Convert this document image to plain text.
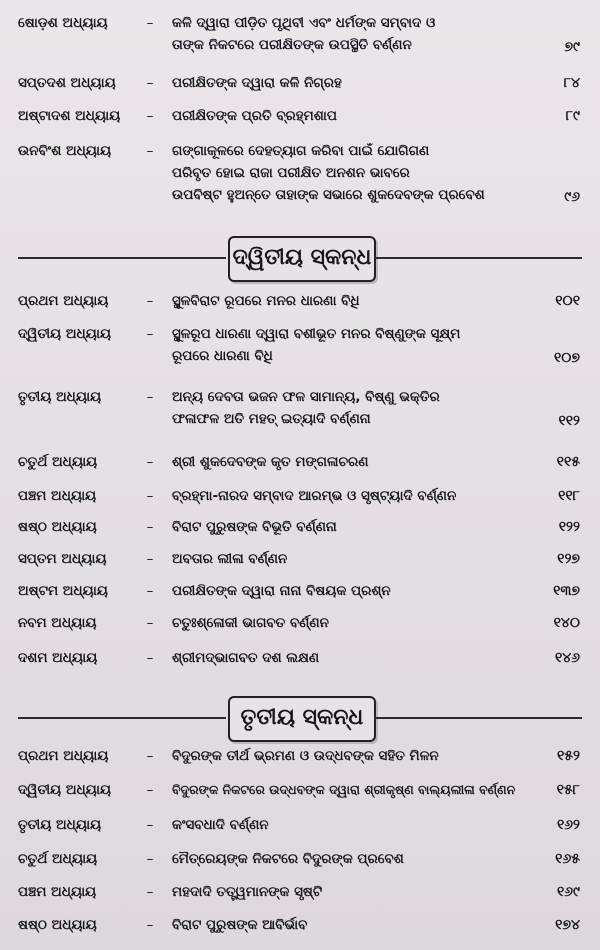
ଷୋଡ଼ଶ ଅଧ୍ୟାୟ	–	କଳି ଦ୍ୱାରା ପୀଡ଼ିତ ପୃଥିବୀ ଏବଂ ଧର୍ମଙ୍କ ସମ୍ବାଦ ଓ
ତାଙ୍କ ନିକଟରେ ପରୀକ୍ଷିତଙ୍କ ଉପସ୍ଥିତି ବର୍ଣ୍ଣନ	୭୯
ସପ୍ତଦଶ ଅଧ୍ୟାୟ	–	ପରୀକ୍ଷିତଙ୍କ ଦ୍ୱାରା କଳି ନିଗ୍ରହ	୮୪
ଅଷ୍ଟାଦଶ ଅଧ୍ୟାୟ	–	ପରୀକ୍ଷିତଙ୍କ ପ୍ରତି ବ୍ରହ୍ମଶାପ	୮୯
ଉନବିଂଶ ଅଧ୍ୟାୟ	–	ଗଙ୍ଗାକୂଳରେ ଦେହତ୍ୟାଗ କରିବା ପାଇଁ ଯୋଗିଗଣ
ପରିବୃତ ହୋଇ ରାଜା ପରୀକ୍ଷିତ ଅନଶନ ଭାବରେ
ଉପବିଷ୍ଟ ହୁଅନ୍ତେ ତାହାଙ୍କ ସଭାରେ ଶୁକଦେବଙ୍କ ପ୍ରବେଶ	୯୬
ଦ୍ୱିତୀୟ ସ୍କନ୍ଧ
ପ୍ରଥମ ଅଧ୍ୟାୟ	–	ସ୍ଥୂଳବିରାଟ ରୂପରେ ମନର ଧାରଣା ବିଧି	୧୦୧
ଦ୍ୱିତୀୟ ଅଧ୍ୟାୟ	–	ସ୍ଥୂଳରୂପ ଧାରଣା ଦ୍ୱାରା ବଶୀଭୂତ ମନର ବିଷ୍ଣୁଙ୍କ ସୂକ୍ଷ୍ମ
ରୂପରେ ଧାରଣା ବିଧି	୧୦୭
ତୃତୀୟ ଅଧ୍ୟାୟ	–	ଅନ୍ୟ ଦେବତା ଭଜନ ଫଳ ସାମାନ୍ୟ, ବିଷ୍ଣୁ ଭକ୍ତିର
ଫଳାଫଳ ଅତି ମହତ୍ ଇତ୍ୟାଦି ବର୍ଣ୍ଣନା	୧୧୨
ଚତୁର୍ଥ ଅଧ୍ୟାୟ	–	ଶ୍ରୀ ଶୁକଦେବଙ୍କ କୃତ ମଙ୍ଗଳାଚରଣ	୧୧୫
ପଞ୍ଚମ ଅଧ୍ୟାୟ	–	ବ୍ରହ୍ମା-ନାରଦ ସମ୍ବାଦ ଆରମ୍ଭ ଓ ସୃଷ୍ଟ୍ୟାଦି ବର୍ଣ୍ଣନ	୧୧୮
ଷଷ୍ଠ ଅଧ୍ୟାୟ	–	ବିରାଟ ପୁରୁଷଙ୍କ ବିଭୂତି ବର୍ଣ୍ଣନା	୧୨୨
ସପ୍ତମ ଅଧ୍ୟାୟ	–	ଅବତାର ଲୀଳା ବର୍ଣ୍ଣନ	୧୨୭
ଅଷ୍ଟମ ଅଧ୍ୟାୟ	–	ପରୀକ୍ଷିତଙ୍କ ଦ୍ୱାରା ନାନା ବିଷୟକ ପ୍ରଶ୍ନ	୧୩୭
ନବମ ଅଧ୍ୟାୟ	–	ଚତୁଃଶ୍ଳୋକୀ ଭାଗବତ ବର୍ଣ୍ଣନ	୧୪୦
ଦଶମ ଅଧ୍ୟାୟ	–	ଶ୍ରୀମଦ୍ଭାଗବତ ଦଶ ଲକ୍ଷଣ	୧୪୬
ତୃତୀୟ ସ୍କନ୍ଧ
ପ୍ରଥମ ଅଧ୍ୟାୟ	–	ବିଦୁରଙ୍କ ତୀର୍ଥ ଭ୍ରମଣ ଓ ଉଦ୍ଧବଙ୍କ ସହିତ ମିଳନ	୧୫୨
ଦ୍ୱିତୀୟ ଅଧ୍ୟାୟ	–	ବିଦୁରଙ୍କ ନିକଟରେ ଉଦ୍ଧବଙ୍କ ଦ୍ୱାରା ଶ୍ରୀକୃଷ୍ଣ ବାଲ୍ୟଲୀଳା ବର୍ଣ୍ଣନ	୧୫୮
ତୃତୀୟ ଅଧ୍ୟାୟ	–	କଂସବଧାଦି ବର୍ଣ୍ଣନ	୧୬୨
ଚତୁର୍ଥ ଅଧ୍ୟାୟ	–	ମୈତ୍ରେୟଙ୍କ ନିକଟରେ ବିଦୁରଙ୍କ ପ୍ରବେଶ	୧୬୫
ପଞ୍ଚମ ଅଧ୍ୟାୟ	–	ମହଦାଦି ତତ୍ତ୍ୱମାନଙ୍କ ସୃଷ୍ଟି	୧୬୯
ଷଷ୍ଠ ଅଧ୍ୟାୟ	–	ବିରାଟ ପୁରୁଷଙ୍କ ଆବିର୍ଭାବ	୧୭୪
